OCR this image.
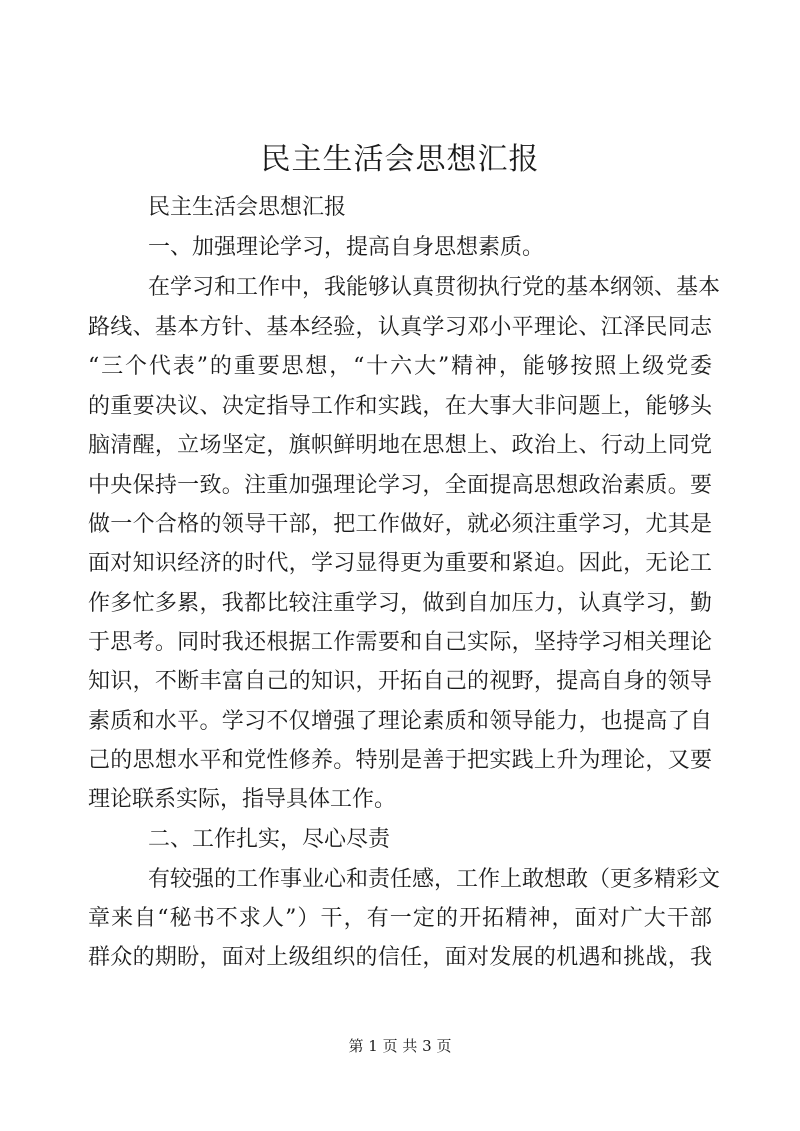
民主生活会思想汇报

民主生活会思想汇报

一、加强理论学习，提高自身思想素质。

在学习和工作中，我能够认真贯彻执行党的基本纲领、基本

路线、基本方针、基本经验，认真学习邓小平理论、江泽民同志

“三个代表”的重要思想，“十六大”精神，能够按照上级党委

的重要决议、决定指导工作和实践，在大事大非问题上，能够头

脑清醒，立场坚定，旗帜鲜明地在思想上、政治上、行动上同党

中央保持一致。注重加强理论学习，全面提高思想政治素质。要

做一个合格的领导干部，把工作做好，就必须注重学习，尤其是

面对知识经济的时代，学习显得更为重要和紧迫。因此，无论工

作多忙多累，我都比较注重学习，做到自加压力，认真学习，勤

于思考。同时我还根据工作需要和自己实际，坚持学习相关理论

知识，不断丰富自己的知识，开拓自己的视野，提高自身的领导

素质和水平。学习不仅增强了理论素质和领导能力，也提高了自

己的思想水平和党性修养。特别是善于把实践上升为理论，又要

理论联系实际，指导具体工作。

二、工作扎实，尽心尽责

有较强的工作事业心和责任感，工作上敢想敢（更多精彩文

章来自“秘书不求人”）干，有一定的开拓精神，面对广大干部

群众的期盼，面对上级组织的信任，面对发展的机遇和挑战，我

第 1 页 共 3 页
